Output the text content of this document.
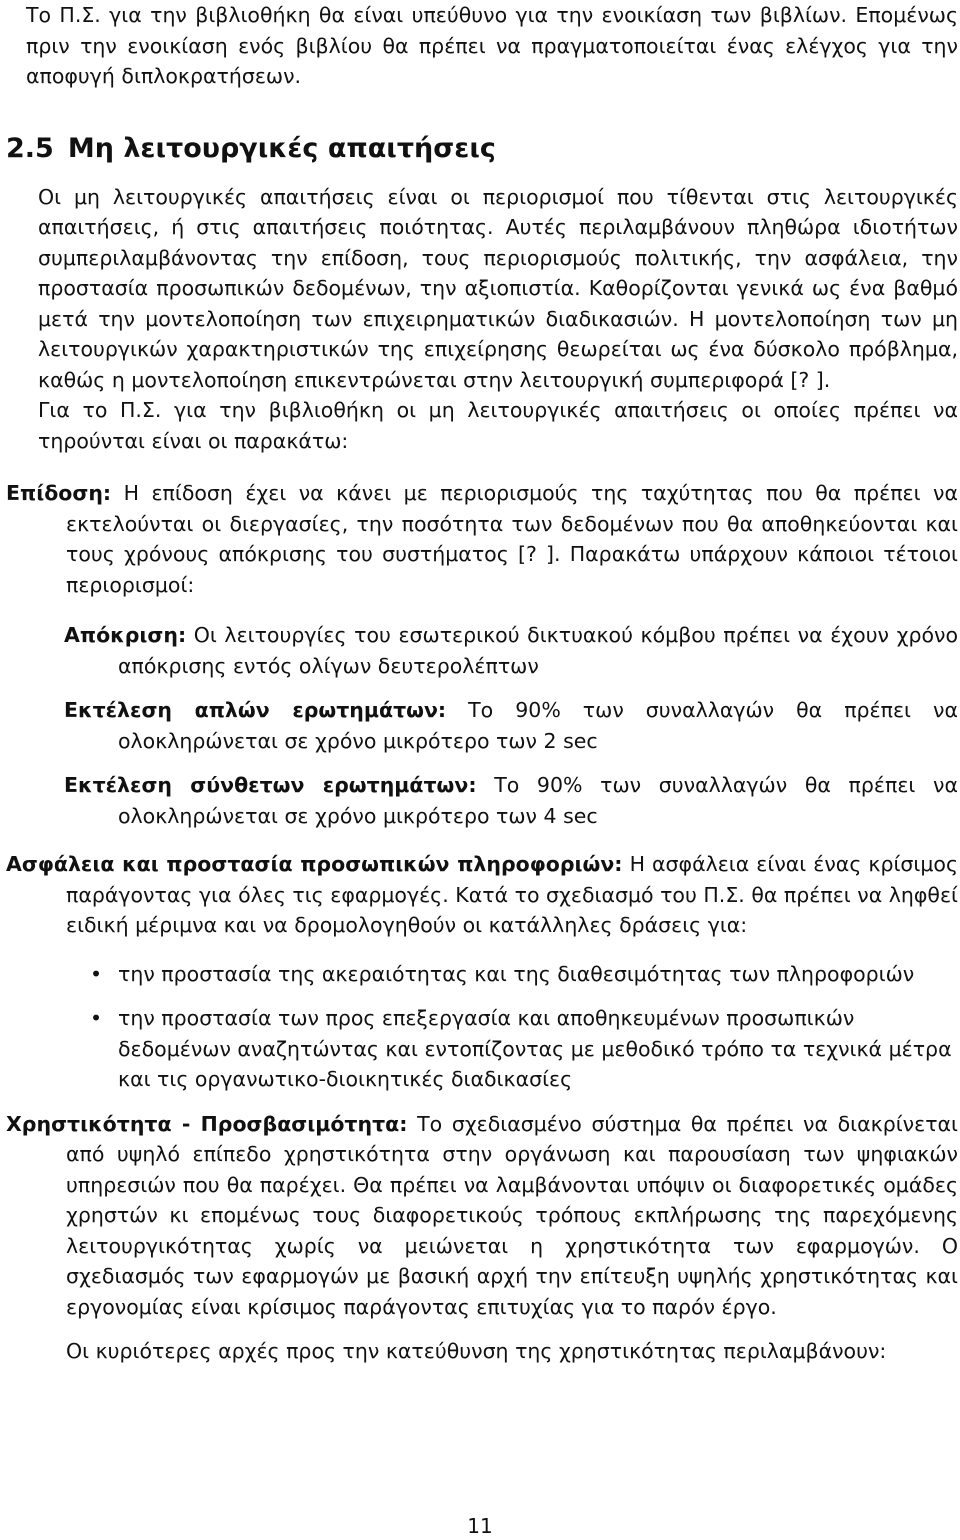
Το Π.Σ. για την βιβλιοθήκη θα είναι υπεύθυνο για την ενοικίαση των βιβλίων. Επομένως πριν την ενοικίαση ενός βιβλίου θα πρέπει να πραγματοποιείται ένας ελέγχος για την αποφυγή διπλοκρατήσεων.

2.5 Μη λειτουργικές απαιτήσεις

Οι μη λειτουργικές απαιτήσεις είναι οι περιορισμοί που τίθενται στις λειτουργικές απαιτήσεις, ή στις απαιτήσεις ποιότητας. Αυτές περιλαμβάνουν πληθώρα ιδιοτήτων συμπεριλαμβάνοντας την επίδοση, τους περιορισμούς πολιτικής, την ασφάλεια, την προστασία προσωπικών δεδομένων, την αξιοπιστία. Καθορίζονται γενικά ως ένα βαθμό μετά την μοντελοποίηση των επιχειρηματικών διαδικασιών. Η μοντελοποίηση των μη λειτουργικών χαρακτηριστικών της επιχείρησης θεωρείται ως ένα δύσκολο πρόβλημα, καθώς η μοντελοποίηση επικεντρώνεται στην λειτουργική συμπεριφορά [? ].

Για το Π.Σ. για την βιβλιοθήκη οι μη λειτουργικές απαιτήσεις οι οποίες πρέπει να τηρούνται είναι οι παρακάτω:

Επίδοση: Η επίδοση έχει να κάνει με περιορισμούς της ταχύτητας που θα πρέπει να εκτελούνται οι διεργασίες, την ποσότητα των δεδομένων που θα αποθηκεύονται και τους χρόνους απόκρισης του συστήματος [? ]. Παρακάτω υπάρχουν κάποιοι τέτοιοι περιορισμοί:

Απόκριση: Οι λειτουργίες του εσωτερικού δικτυακού κόμβου πρέπει να έχουν χρόνο απόκρισης εντός ολίγων δευτερολέπτων

Εκτέλεση απλών ερωτημάτων: Το 90% των συναλλαγών θα πρέπει να ολοκληρώνεται σε χρόνο μικρότερο των 2 sec

Εκτέλεση σύνθετων ερωτημάτων: Το 90% των συναλλαγών θα πρέπει να ολοκληρώνεται σε χρόνο μικρότερο των 4 sec

Ασφάλεια και προστασία προσωπικών πληροφοριών: Η ασφάλεια είναι ένας κρίσιμος παράγοντας για όλες τις εφαρμογές. Κατά το σχεδιασμό του Π.Σ. θα πρέπει να ληφθεί ειδική μέριμνα και να δρομολογηθούν οι κατάλληλες δράσεις για:

• την προστασία της ακεραιότητας και της διαθεσιμότητας των πληροφοριών
• την προστασία των προς επεξεργασία και αποθηκευμένων προσωπικών δεδομένων αναζητώντας και εντοπίζοντας με μεθοδικό τρόπο τα τεχνικά μέτρα και τις οργανωτικο-διοικητικές διαδικασίες

Χρηστικότητα - Προσβασιμότητα: Το σχεδιασμένο σύστημα θα πρέπει να διακρίνεται από υψηλό επίπεδο χρηστικότητα στην οργάνωση και παρουσίαση των ψηφιακών υπηρεσιών που θα παρέχει. Θα πρέπει να λαμβάνονται υπόψιν οι διαφορετικές ομάδες χρηστών κι επομένως τους διαφορετικούς τρόπους εκπλήρωσης της παρεχόμενης λειτουργικότητας χωρίς να μειώνεται η χρηστικότητα των εφαρμογών. Ο σχεδιασμός των εφαρμογών με βασική αρχή την επίτευξη υψηλής χρηστικότητας και εργονομίας είναι κρίσιμος παράγοντας επιτυχίας για το παρόν έργο.

Οι κυριότερες αρχές προς την κατεύθυνση της χρηστικότητας περιλαμβάνουν:

11
